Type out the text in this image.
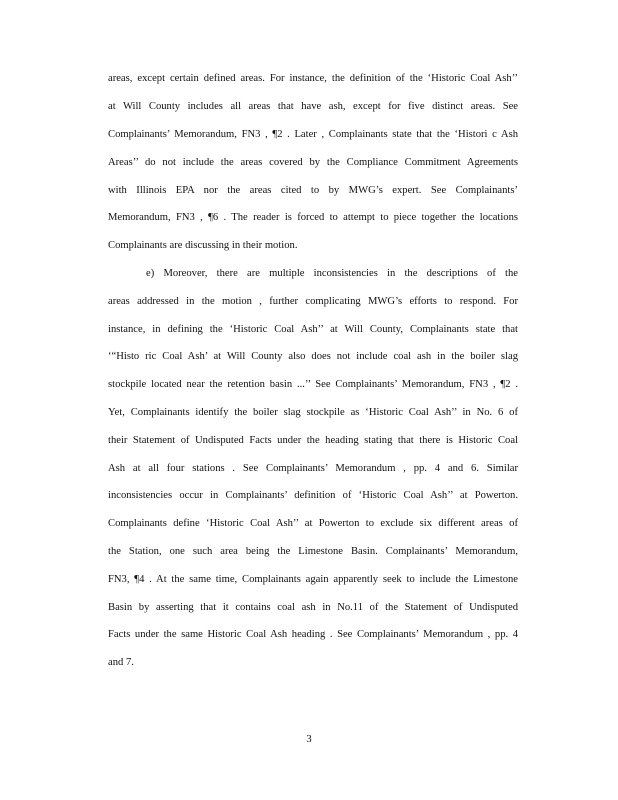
areas, except certain defined areas. For instance, the definition of the ‘Historic Coal Ash’’
at Will County includes all areas that have ash, except for five distinct areas. See
Complainants’ Memorandum, FN3 , ¶2 . Later , Complainants state that the ‘Histori c Ash
Areas’’ do not include the areas covered by the Compliance Commitment Agreements
with Illinois EPA nor the areas cited to by MWG’s expert. See Complainants’
Memorandum, FN3 , ¶6 . The reader is forced to attempt to piece together the locations
Complainants are discussing in their motion.
e) Moreover, there are multiple inconsistencies in the descriptions of the
areas addressed in the motion , further complicating MWG’s efforts to respond. For
instance, in defining the ‘Historic Coal Ash’’ at Will County, Complainants state that
‘“Histo ric Coal Ash’ at Will County also does not include coal ash in the boiler slag
stockpile located near the retention basin ...’’ See Complainants’ Memorandum, FN3 , ¶2 .
Yet, Complainants identify the boiler slag stockpile as ‘Historic Coal Ash’’ in No. 6 of
their Statement of Undisputed Facts under the heading stating that there is Historic Coal
Ash at all four stations . See Complainants’ Memorandum , pp. 4 and 6. Similar
inconsistencies occur in Complainants’ definition of ‘Historic Coal Ash’’ at Powerton.
Complainants define ‘Historic Coal Ash’’ at Powerton to exclude six different areas of
the Station, one such area being the Limestone Basin. Complainants’ Memorandum,
FN3, ¶4 . At the same time, Complainants again apparently seek to include the Limestone
Basin by asserting that it contains coal ash in No.11 of the Statement of Undisputed
Facts under the same Historic Coal Ash heading . See Complainants’ Memorandum , pp. 4
and 7.
3
